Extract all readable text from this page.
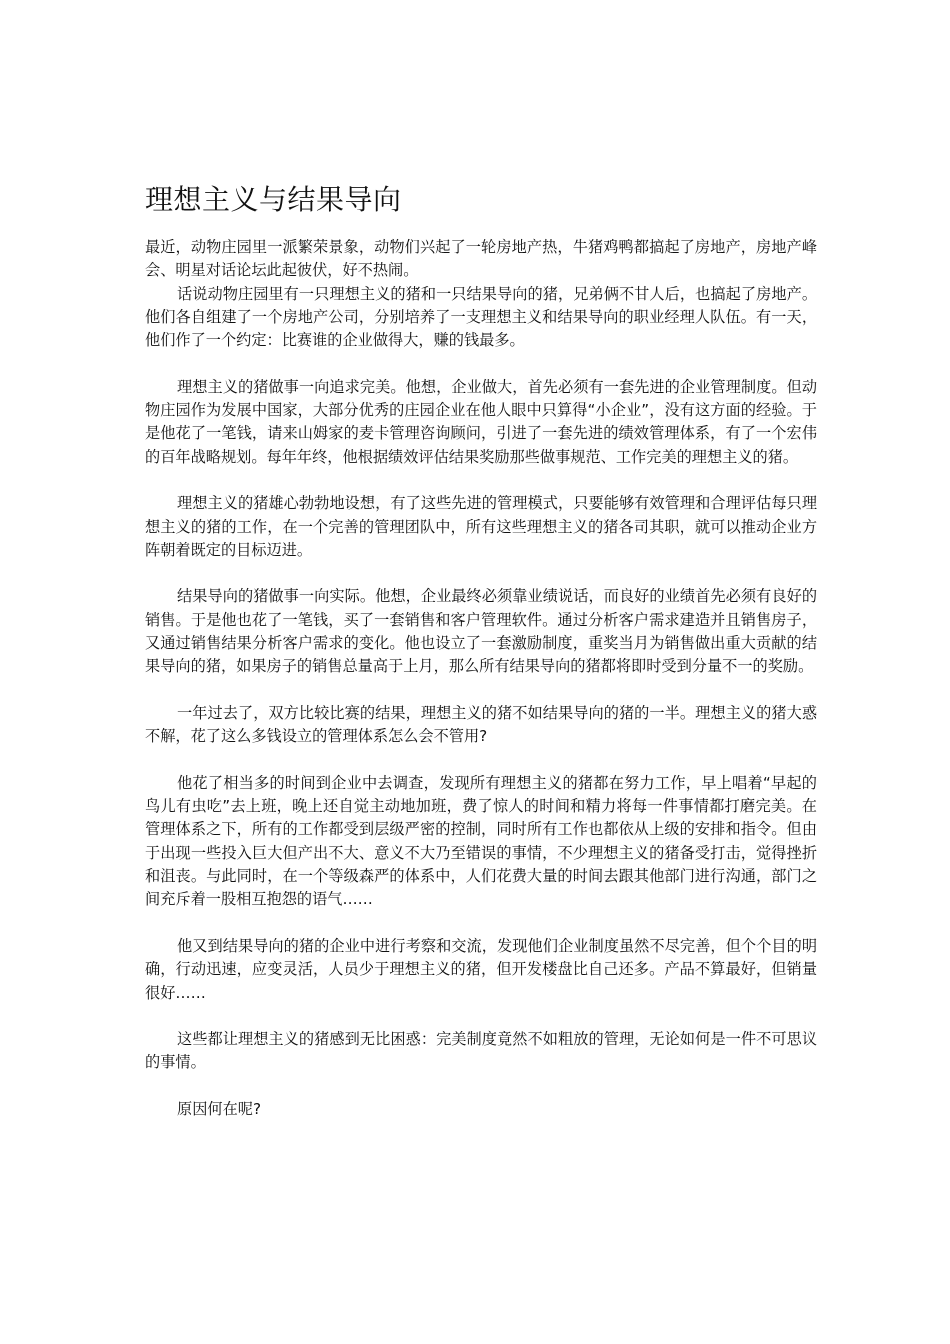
理想主义与结果导向

最近，动物庄园里一派繁荣景象，动物们兴起了一轮房地产热，牛猪鸡鸭都搞起了房地产，房地产峰会、明星对话论坛此起彼伏，好不热闹。

话说动物庄园里有一只理想主义的猪和一只结果导向的猪，兄弟俩不甘人后，也搞起了房地产。他们各自组建了一个房地产公司，分别培养了一支理想主义和结果导向的职业经理人队伍。有一天，他们作了一个约定：比赛谁的企业做得大，赚的钱最多。

理想主义的猪做事一向追求完美。他想，企业做大，首先必须有一套先进的企业管理制度。但动物庄园作为发展中国家，大部分优秀的庄园企业在他人眼中只算得“小企业”，没有这方面的经验。于是他花了一笔钱，请来山姆家的麦卡管理咨询顾问，引进了一套先进的绩效管理体系，有了一个宏伟的百年战略规划。每年年终，他根据绩效评估结果奖励那些做事规范、工作完美的理想主义的猪。

理想主义的猪雄心勃勃地设想，有了这些先进的管理模式，只要能够有效管理和合理评估每只理想主义的猪的工作，在一个完善的管理团队中，所有这些理想主义的猪各司其职，就可以推动企业方阵朝着既定的目标迈进。

结果导向的猪做事一向实际。他想，企业最终必须靠业绩说话，而良好的业绩首先必须有良好的销售。于是他也花了一笔钱，买了一套销售和客户管理软件。通过分析客户需求建造并且销售房子，又通过销售结果分析客户需求的变化。他也设立了一套激励制度，重奖当月为销售做出重大贡献的结果导向的猪，如果房子的销售总量高于上月，那么所有结果导向的猪都将即时受到分量不一的奖励。

一年过去了，双方比较比赛的结果，理想主义的猪不如结果导向的猪的一半。理想主义的猪大惑不解，花了这么多钱设立的管理体系怎么会不管用?

他花了相当多的时间到企业中去调查，发现所有理想主义的猪都在努力工作，早上唱着“早起的鸟儿有虫吃”去上班，晚上还自觉主动地加班，费了惊人的时间和精力将每一件事情都打磨完美。在管理体系之下，所有的工作都受到层级严密的控制，同时所有工作也都依从上级的安排和指令。但由于出现一些投入巨大但产出不大、意义不大乃至错误的事情，不少理想主义的猪备受打击，觉得挫折和沮丧。与此同时，在一个等级森严的体系中，人们花费大量的时间去跟其他部门进行沟通，部门之间充斥着一股相互抱怨的语气……

他又到结果导向的猪的企业中进行考察和交流，发现他们企业制度虽然不尽完善，但个个目的明确，行动迅速，应变灵活，人员少于理想主义的猪，但开发楼盘比自己还多。产品不算最好，但销量很好……

这些都让理想主义的猪感到无比困惑：完美制度竟然不如粗放的管理，无论如何是一件不可思议的事情。

原因何在呢?
